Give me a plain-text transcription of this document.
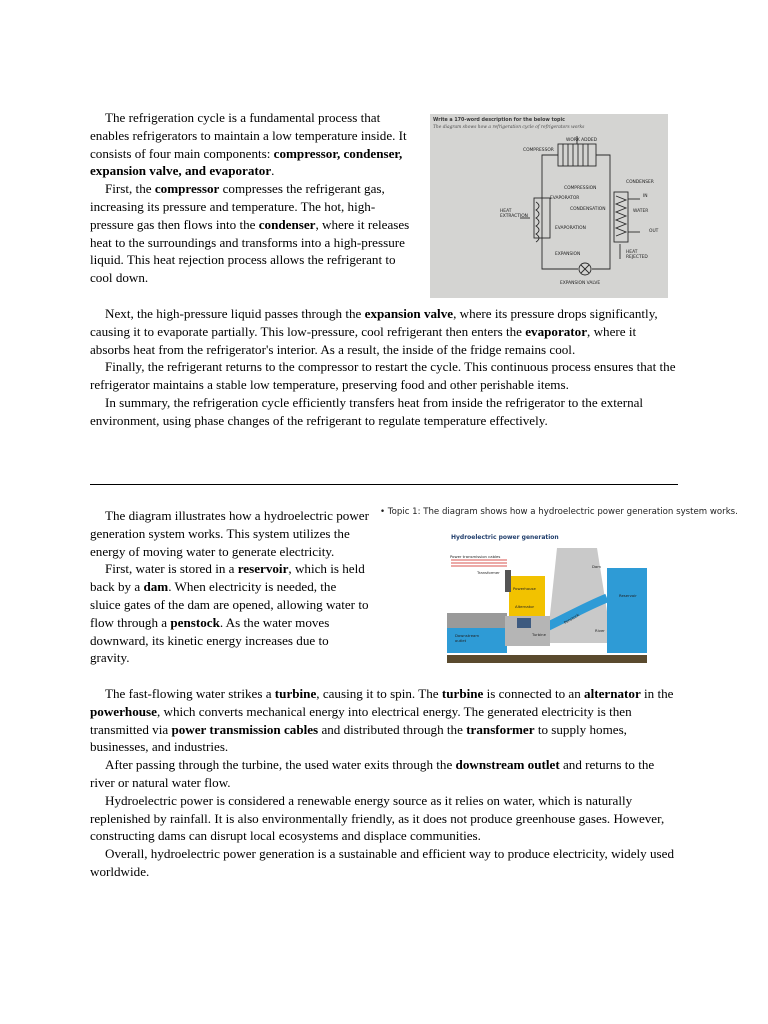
The refrigeration cycle is a fundamental process that enables refrigerators to maintain a low temperature inside. It consists of four main components: compressor, condenser, expansion valve, and evaporator.

First, the compressor compresses the refrigerant gas, increasing its pressure and temperature. The hot, high-pressure gas then flows into the condenser, where it releases heat to the surroundings and transforms into a high-pressure liquid. This heat rejection process allows the refrigerant to cool down.

Next, the high-pressure liquid passes through the expansion valve, where its pressure drops significantly, causing it to evaporate partially. This low-pressure, cool refrigerant then enters the evaporator, where it absorbs heat from the refrigerator's interior. As a result, the inside of the fridge remains cool.

Finally, the refrigerant returns to the compressor to restart the cycle. This continuous process ensures that the refrigerator maintains a stable low temperature, preserving food and other perishable items.

In summary, the refrigeration cycle efficiently transfers heat from inside the refrigerator to the external environment, using phase changes of the refrigerant to regulate temperature effectively.

Write a 170-word description for the below topic
The diagram shows how a refrigeration cycle of refrigerators works
WORK ADDED
COMPRESSOR
COMPRESSION
CONDENSER
IN
EVAPORATOR
CONDENSATION
HEAT EXTRACTION
WATER
OUT
EVAPORATION
EXPANSION	HEAT REJECTED
EXPANSION VALVE

The diagram illustrates how a hydroelectric power generation system works. This system utilizes the energy of moving water to generate electricity.

First, water is stored in a reservoir, which is held back by a dam. When electricity is needed, the sluice gates of the dam are opened, allowing water to flow through a penstock. As the water moves downward, its kinetic energy increases due to gravity.

The fast-flowing water strikes a turbine, causing it to spin. The turbine is connected to an alternator in the powerhouse, which converts mechanical energy into electrical energy. The generated electricity is then transmitted via power transmission cables and distributed through the transformer to supply homes, businesses, and industries.

After passing through the turbine, the used water exits through the downstream outlet and returns to the river or natural water flow.

Hydroelectric power is considered a renewable energy source as it relies on water, which is naturally replenished by rainfall. It is also environmentally friendly, as it does not produce greenhouse gases. However, constructing dams can disrupt local ecosystems and displace communities.

Overall, hydroelectric power generation is a sustainable and efficient way to produce electricity, widely used worldwide.

• Topic 1: The diagram shows how a hydroelectric power generation system works.
Hydroelectric power generation
Power transmission cables
Transformer
Dam
Powerhouse
Reservoir
Alternator
Penstock
Downstream outlet
Turbine
River
